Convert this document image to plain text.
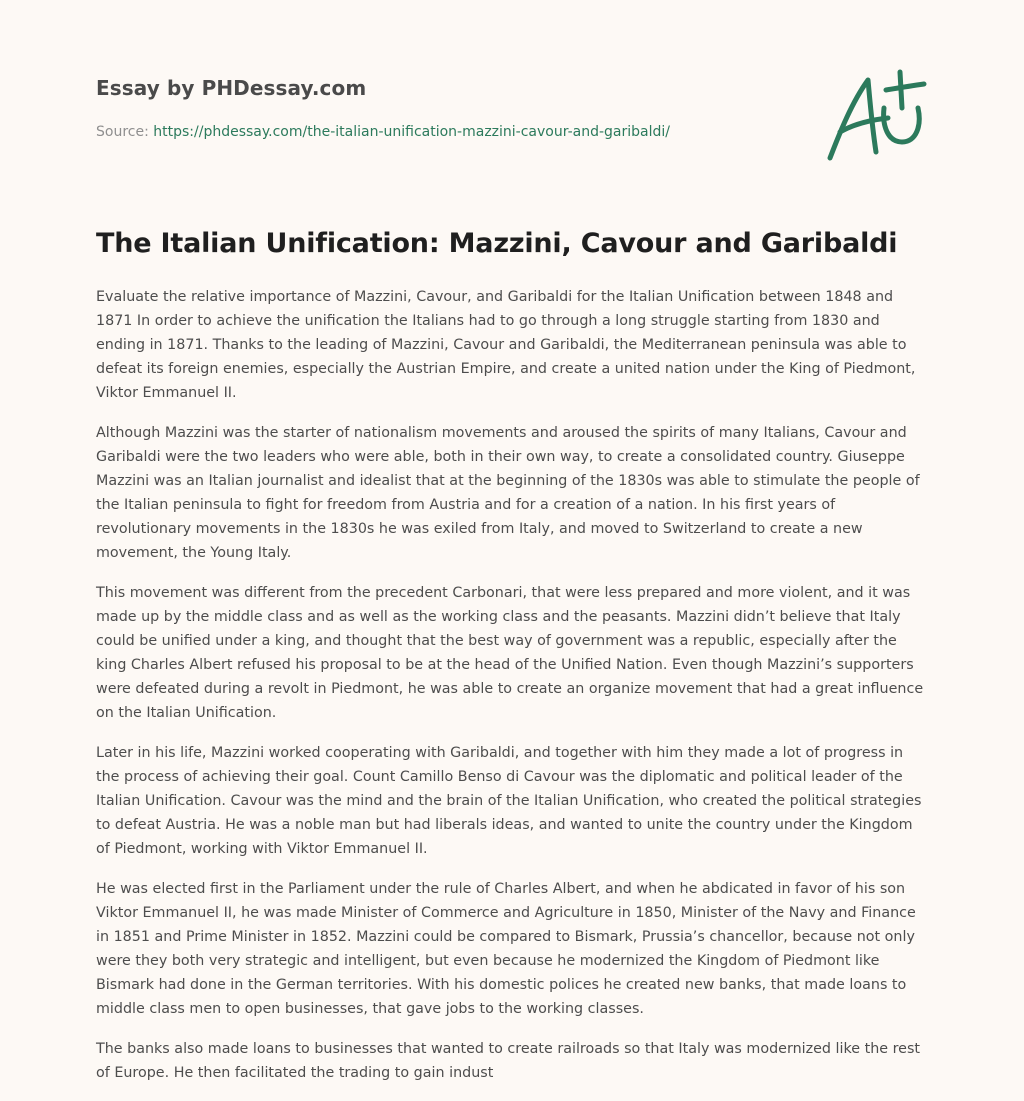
Essay by PHDessay.com
Source: https://phdessay.com/the-italian-unification-mazzini-cavour-and-garibaldi/
The Italian Unification: Mazzini, Cavour and Garibaldi

Evaluate the relative importance of Mazzini, Cavour, and Garibaldi for the Italian Unification between 1848 and 1871 In order to achieve the unification the Italians had to go through a long struggle starting from 1830 and ending in 1871. Thanks to the leading of Mazzini, Cavour and Garibaldi, the Mediterranean peninsula was able to defeat its foreign enemies, especially the Austrian Empire, and create a united nation under the King of Piedmont, Viktor Emmanuel II.

Although Mazzini was the starter of nationalism movements and aroused the spirits of many Italians, Cavour and Garibaldi were the two leaders who were able, both in their own way, to create a consolidated country. Giuseppe Mazzini was an Italian journalist and idealist that at the beginning of the 1830s was able to stimulate the people of the Italian peninsula to fight for freedom from Austria and for a creation of a nation. In his first years of revolutionary movements in the 1830s he was exiled from Italy, and moved to Switzerland to create a new movement, the Young Italy.

This movement was different from the precedent Carbonari, that were less prepared and more violent, and it was made up by the middle class and as well as the working class and the peasants. Mazzini didn’t believe that Italy could be unified under a king, and thought that the best way of government was a republic, especially after the king Charles Albert refused his proposal to be at the head of the Unified Nation. Even though Mazzini’s supporters were defeated during a revolt in Piedmont, he was able to create an organize movement that had a great influence on the Italian Unification.

Later in his life, Mazzini worked cooperating with Garibaldi, and together with him they made a lot of progress in the process of achieving their goal. Count Camillo Benso di Cavour was the diplomatic and political leader of the Italian Unification. Cavour was the mind and the brain of the Italian Unification, who created the political strategies to defeat Austria. He was a noble man but had liberals ideas, and wanted to unite the country under the Kingdom of Piedmont, working with Viktor Emmanuel II.

He was elected first in the Parliament under the rule of Charles Albert, and when he abdicated in favor of his son Viktor Emmanuel II, he was made Minister of Commerce and Agriculture in 1850, Minister of the Navy and Finance in 1851 and Prime Minister in 1852. Mazzini could be compared to Bismark, Prussia’s chancellor, because not only were they both very strategic and intelligent, but even because he modernized the Kingdom of Piedmont like Bismark had done in the German territories. With his domestic polices he created new banks, that made loans to middle class men to open businesses, that gave jobs to the working classes.

The banks also made loans to businesses that wanted to create railroads so that Italy was modernized like the rest of Europe. He then facilitated the trading to gain indust
